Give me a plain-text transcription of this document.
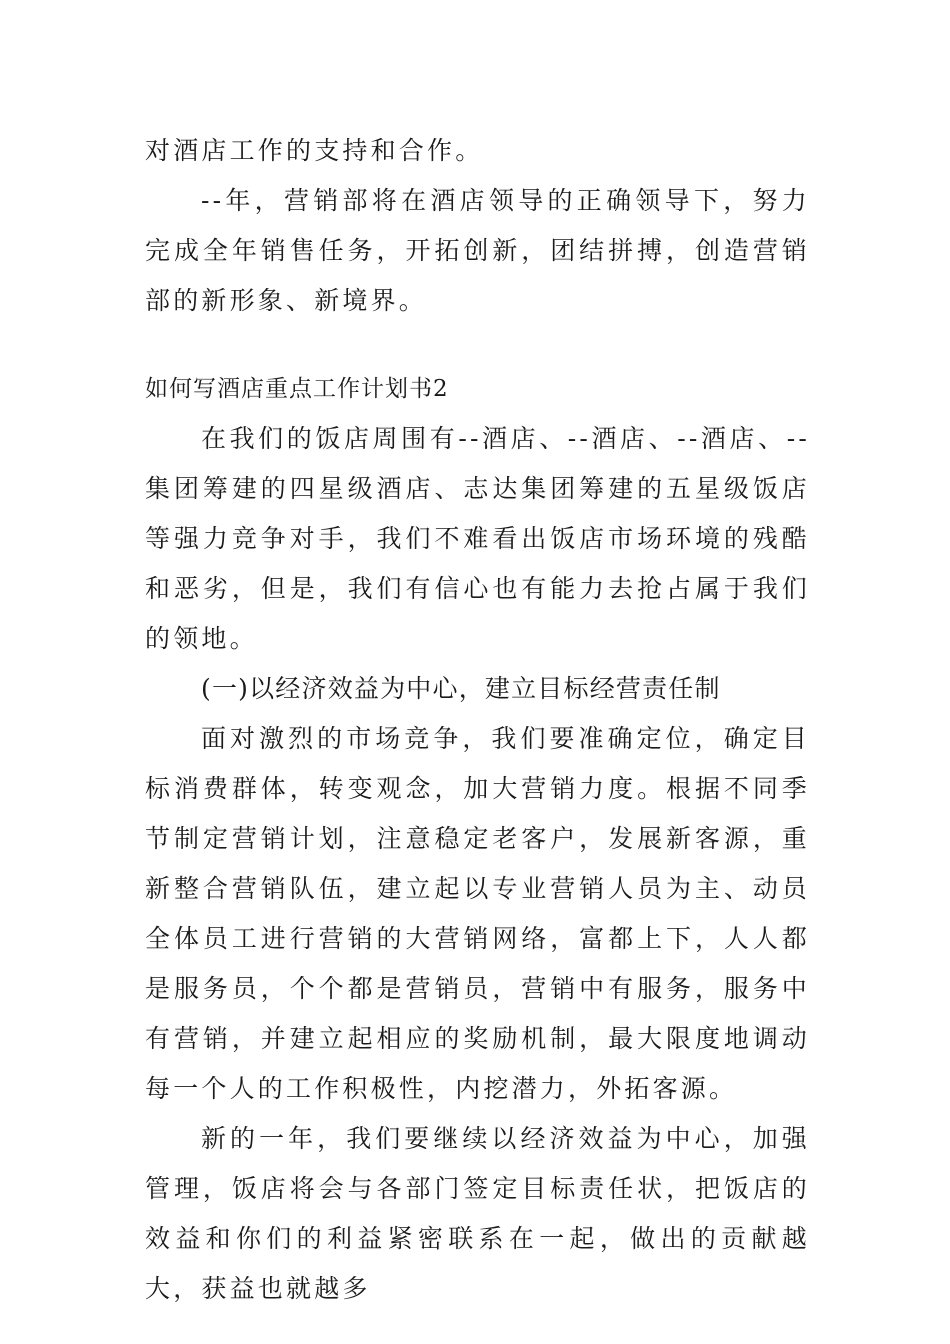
对酒店工作的支持和合作。

--年，营销部将在酒店领导的正确领导下，努力完成全年销售任务，开拓创新，团结拼搏，创造营销部的新形象、新境界。

如何写酒店重点工作计划书2

在我们的饭店周围有--酒店、--酒店、--酒店、--集团筹建的四星级酒店、志达集团筹建的五星级饭店等强力竞争对手，我们不难看出饭店市场环境的残酷和恶劣，但是，我们有信心也有能力去抢占属于我们的领地。

(一)以经济效益为中心，建立目标经营责任制

面对激烈的市场竞争，我们要准确定位，确定目标消费群体，转变观念，加大营销力度。根据不同季节制定营销计划，注意稳定老客户，发展新客源，重新整合营销队伍，建立起以专业营销人员为主、动员全体员工进行营销的大营销网络，富都上下，人人都是服务员，个个都是营销员，营销中有服务，服务中有营销，并建立起相应的奖励机制，最大限度地调动每一个人的工作积极性，内挖潜力，外拓客源。

新的一年，我们要继续以经济效益为中心，加强管理，饭店将会与各部门签定目标责任状，把饭店的效益和你们的利益紧密联系在一起，做出的贡献越大，获益也就越多
